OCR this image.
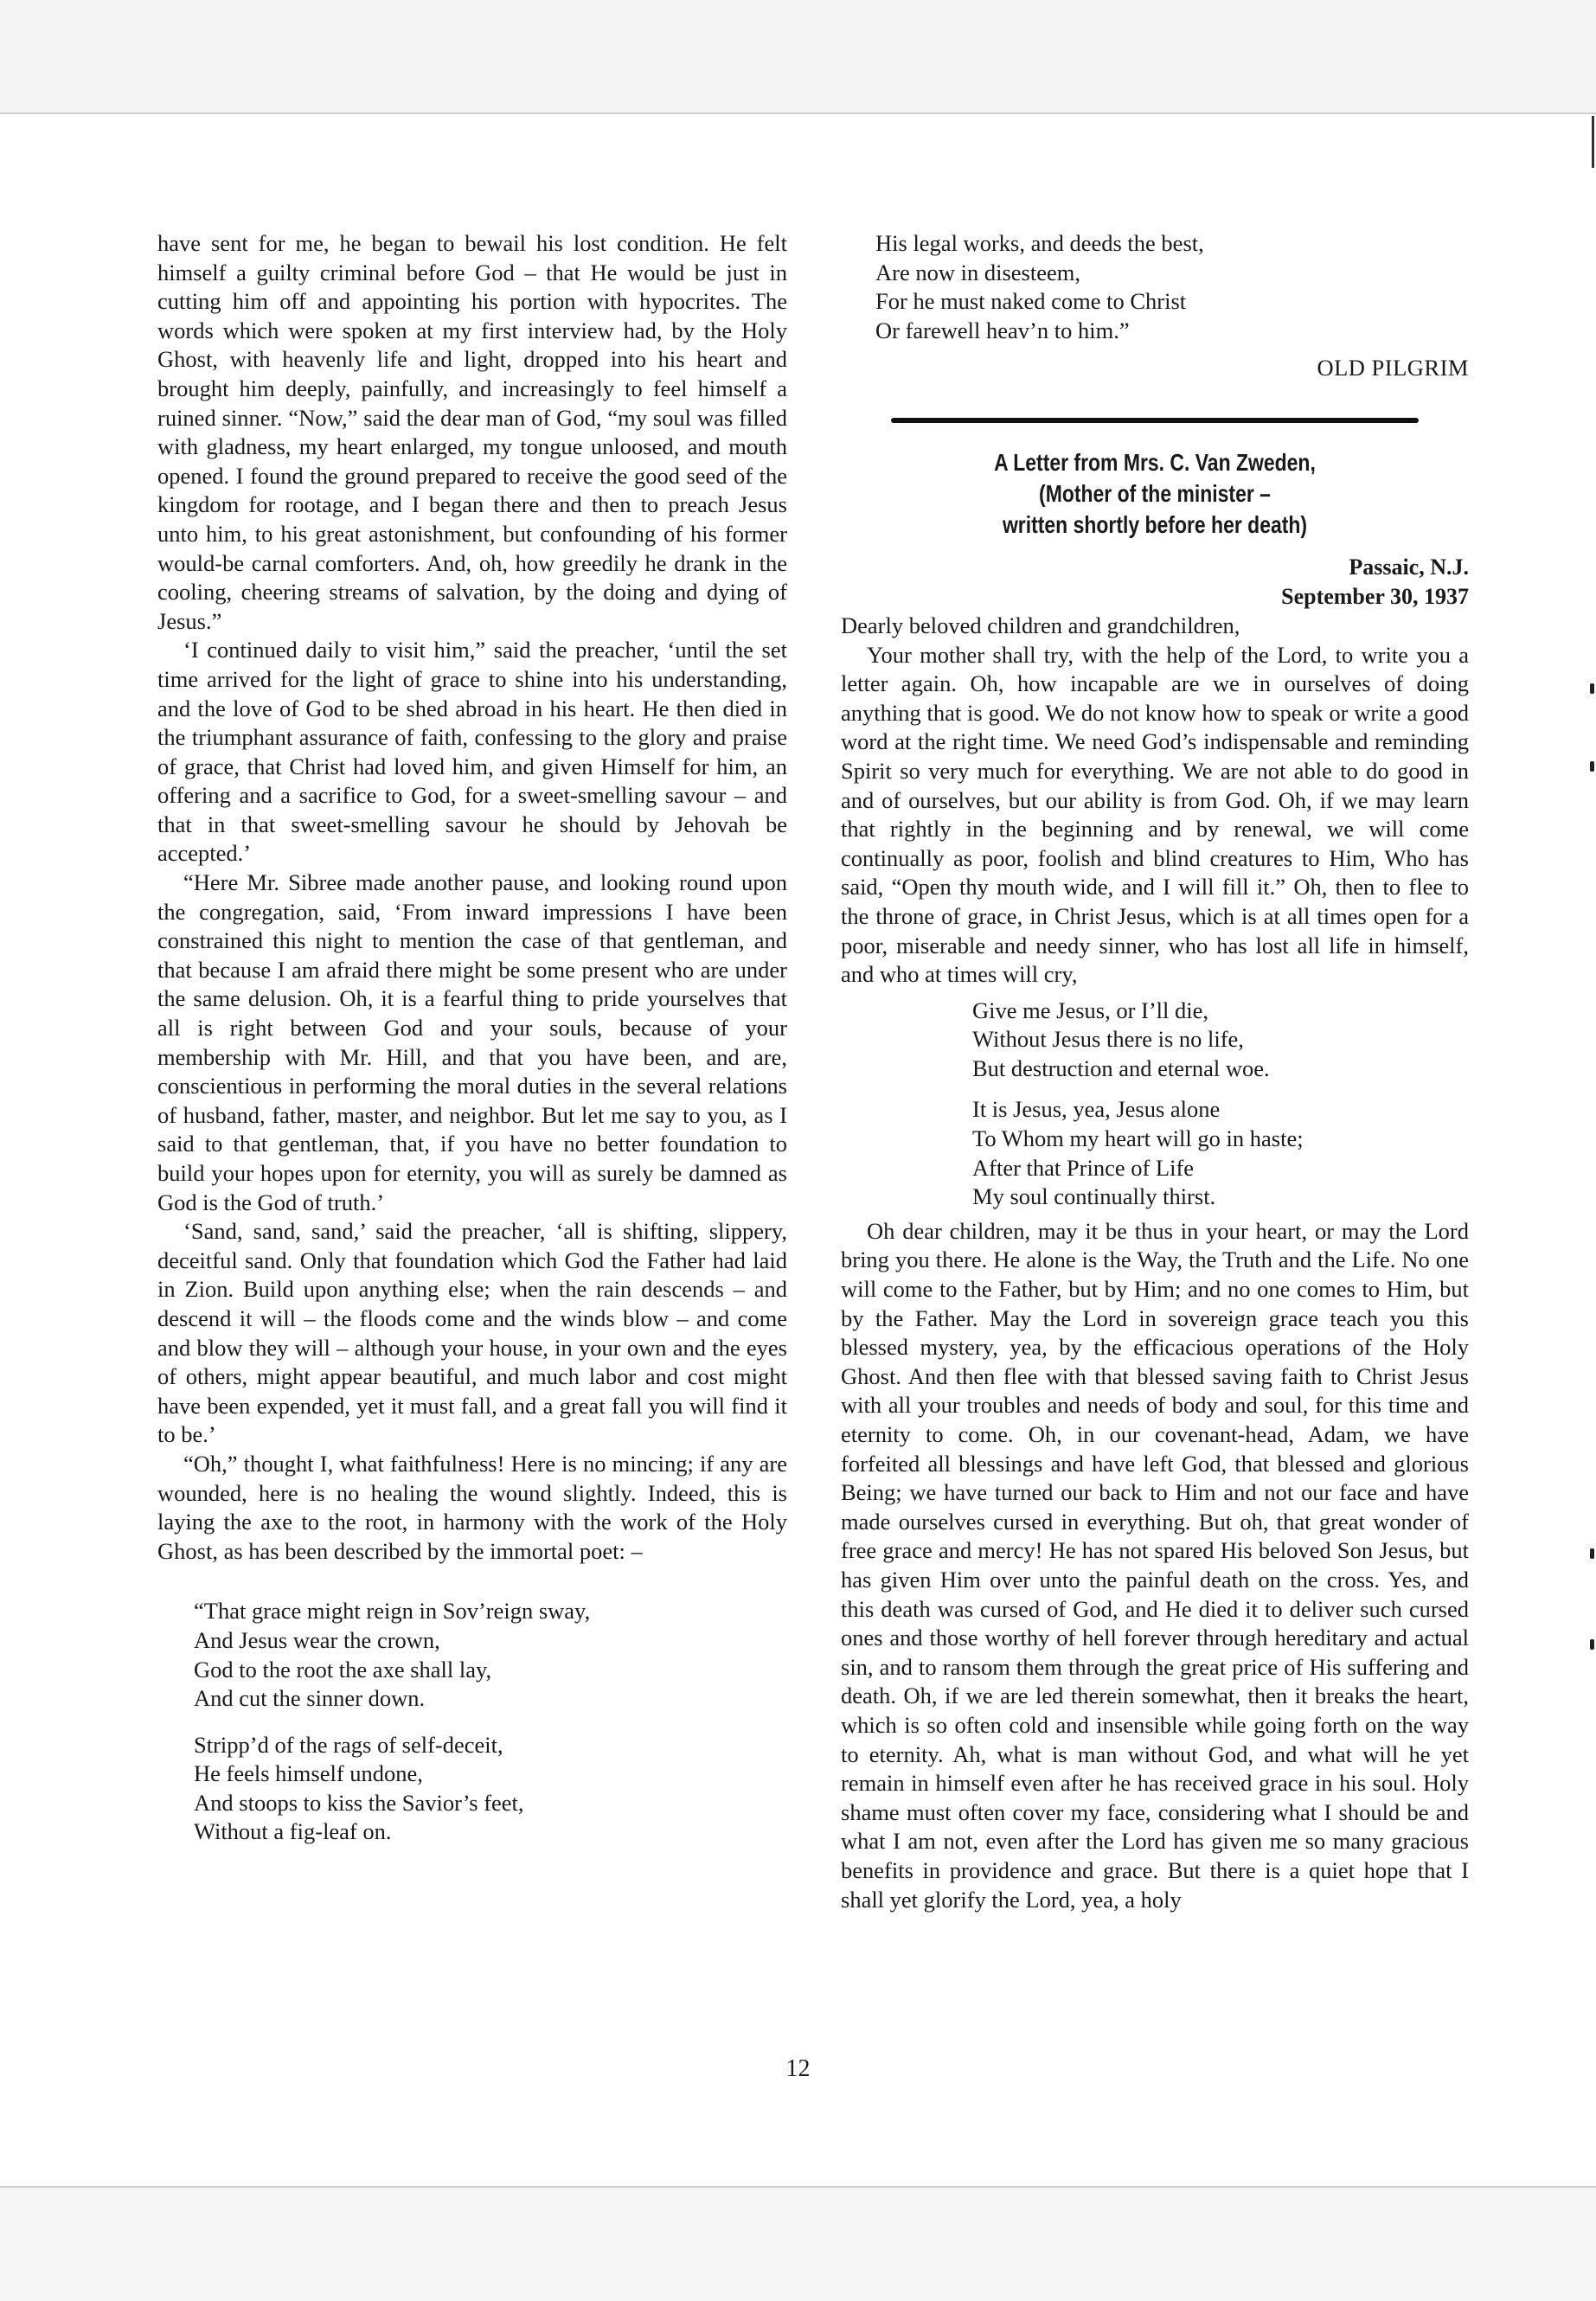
have sent for me, he began to bewail his lost condition. He felt himself a guilty criminal before God – that He would be just in cutting him off and appointing his portion with hypocrites. The words which were spoken at my first interview had, by the Holy Ghost, with heavenly life and light, dropped into his heart and brought him deeply, painfully, and increasingly to feel himself a ruined sinner. “Now,” said the dear man of God, “my soul was filled with gladness, my heart enlarged, my tongue unloosed, and mouth opened. I found the ground prepared to receive the good seed of the kingdom for rootage, and I began there and then to preach Jesus unto him, to his great astonishment, but confounding of his former would-be carnal comforters. And, oh, how greedily he drank in the cooling, cheering streams of salvation, by the doing and dying of Jesus.”

‘I continued daily to visit him,” said the preacher, ‘until the set time arrived for the light of grace to shine into his understanding, and the love of God to be shed abroad in his heart. He then died in the triumphant assurance of faith, confessing to the glory and praise of grace, that Christ had loved him, and given Himself for him, an offering and a sacrifice to God, for a sweet-smelling savour – and that in that sweet-smelling savour he should by Jehovah be accepted.’

“Here Mr. Sibree made another pause, and looking round upon the congregation, said, ‘From inward impressions I have been constrained this night to mention the case of that gentleman, and that because I am afraid there might be some present who are under the same delusion. Oh, it is a fearful thing to pride yourselves that all is right between God and your souls, because of your membership with Mr. Hill, and that you have been, and are, conscientious in performing the moral duties in the several relations of husband, father, master, and neighbor. But let me say to you, as I said to that gentleman, that, if you have no better foundation to build your hopes upon for eternity, you will as surely be damned as God is the God of truth.’

‘Sand, sand, sand,’ said the preacher, ‘all is shifting, slippery, deceitful sand. Only that foundation which God the Father had laid in Zion. Build upon anything else; when the rain descends – and descend it will – the floods come and the winds blow – and come and blow they will – although your house, in your own and the eyes of others, might appear beautiful, and much labor and cost might have been expended, yet it must fall, and a great fall you will find it to be.’

“Oh,” thought I, what faithfulness! Here is no mincing; if any are wounded, here is no healing the wound slightly. Indeed, this is laying the axe to the root, in harmony with the work of the Holy Ghost, as has been described by the immortal poet: –

“That grace might reign in Sov’reign sway,
And Jesus wear the crown,
God to the root the axe shall lay,
And cut the sinner down.
Stripp’d of the rags of self-deceit,
He feels himself undone,
And stoops to kiss the Savior’s feet,
Without a fig-leaf on.
His legal works, and deeds the best,
Are now in disesteem,
For he must naked come to Christ
Or farewell heav’n to him.”
OLD PILGRIM
A Letter from Mrs. C. Van Zweden,
(Mother of the minister –
written shortly before her death)
Passaic, N.J.
September 30, 1937

Dearly beloved children and grandchildren,

Your mother shall try, with the help of the Lord, to write you a letter again. Oh, how incapable are we in ourselves of doing anything that is good. We do not know how to speak or write a good word at the right time. We need God’s indispensable and reminding Spirit so very much for everything. We are not able to do good in and of ourselves, but our ability is from God. Oh, if we may learn that rightly in the beginning and by renewal, we will come continually as poor, foolish and blind creatures to Him, Who has said, “Open thy mouth wide, and I will fill it.” Oh, then to flee to the throne of grace, in Christ Jesus, which is at all times open for a poor, miserable and needy sinner, who has lost all life in himself, and who at times will cry,

Give me Jesus, or I’ll die,
Without Jesus there is no life,
But destruction and eternal woe.
It is Jesus, yea, Jesus alone
To Whom my heart will go in haste;
After that Prince of Life
My soul continually thirst.

Oh dear children, may it be thus in your heart, or may the Lord bring you there. He alone is the Way, the Truth and the Life. No one will come to the Father, but by Him; and no one comes to Him, but by the Father. May the Lord in sovereign grace teach you this blessed mystery, yea, by the efficacious operations of the Holy Ghost. And then flee with that blessed saving faith to Christ Jesus with all your troubles and needs of body and soul, for this time and eternity to come. Oh, in our covenant-head, Adam, we have forfeited all blessings and have left God, that blessed and glorious Being; we have turned our back to Him and not our face and have made ourselves cursed in everything. But oh, that great wonder of free grace and mercy! He has not spared His beloved Son Jesus, but has given Him over unto the painful death on the cross. Yes, and this death was cursed of God, and He died it to deliver such cursed ones and those worthy of hell forever through hereditary and actual sin, and to ransom them through the great price of His suffering and death. Oh, if we are led therein somewhat, then it breaks the heart, which is so often cold and insensible while going forth on the way to eternity. Ah, what is man without God, and what will he yet remain in himself even after he has received grace in his soul. Holy shame must often cover my face, considering what I should be and what I am not, even after the Lord has given me so many gracious benefits in providence and grace. But there is a quiet hope that I shall yet glorify the Lord, yea, a holy

12
